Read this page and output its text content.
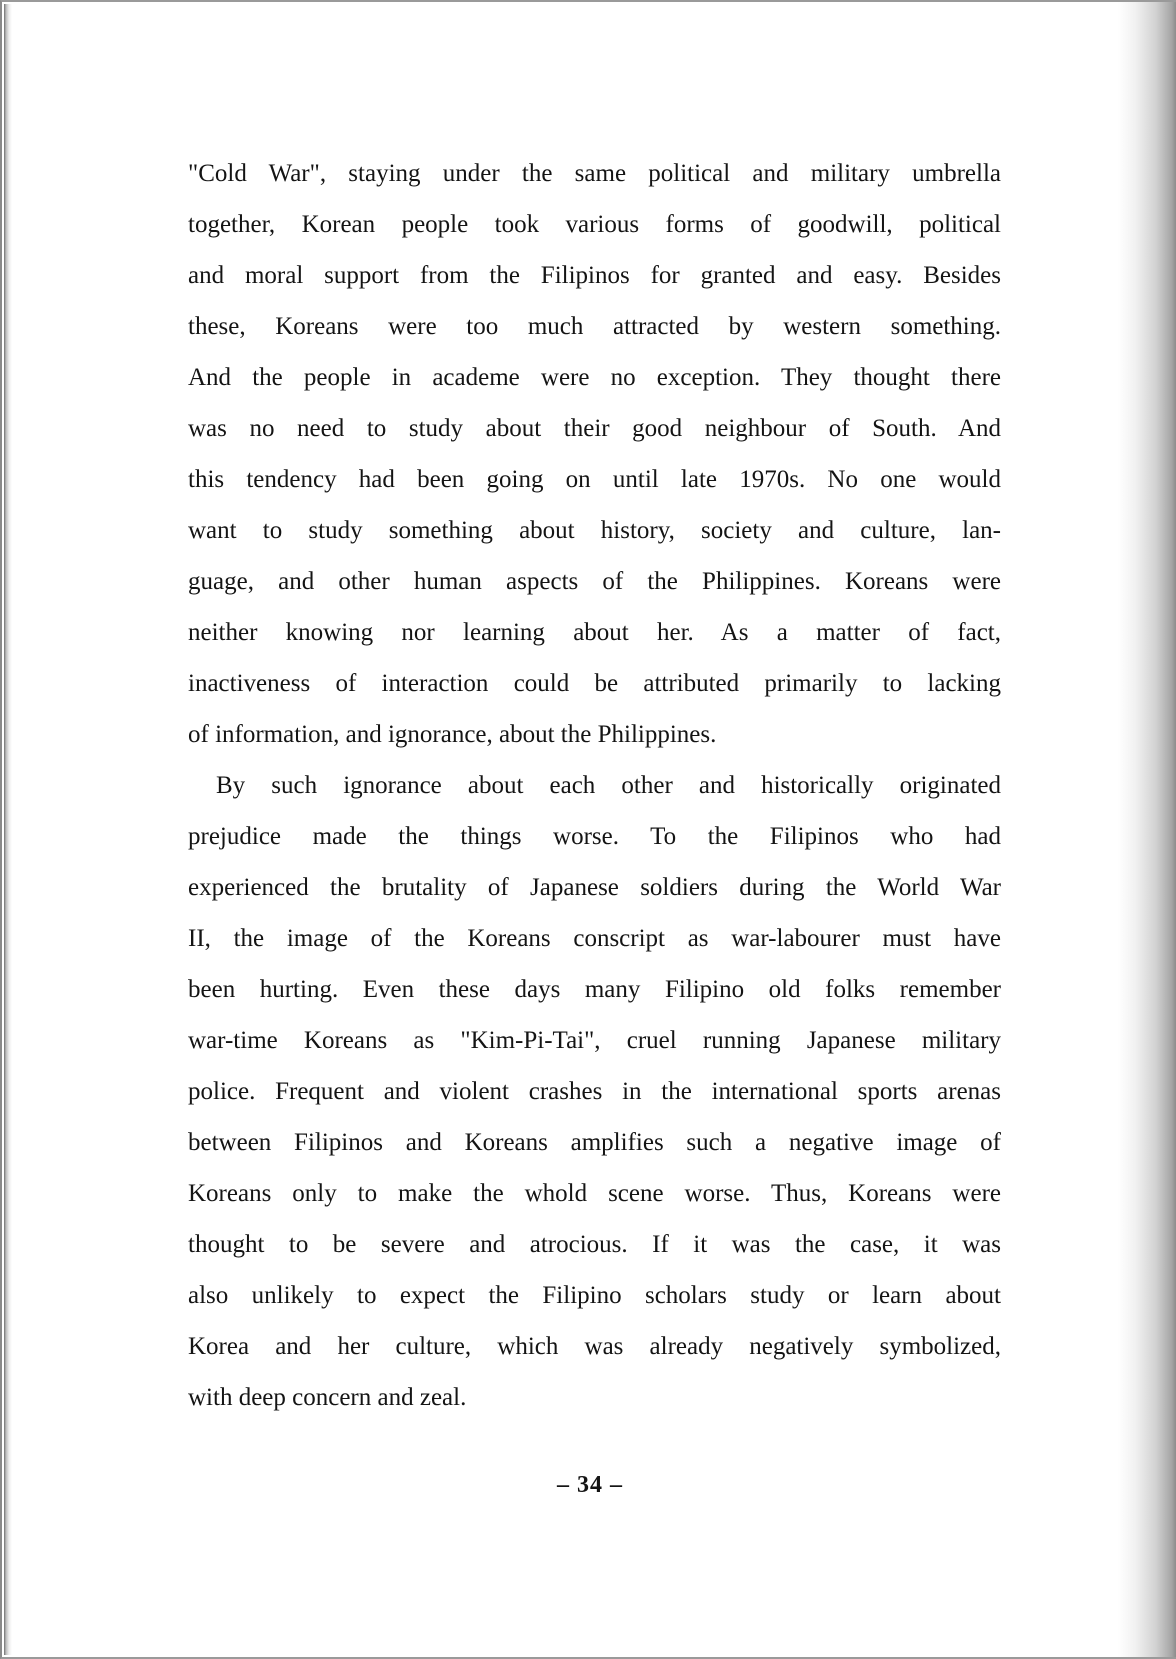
"Cold War", staying under the same political and military umbrella
together, Korean people took various forms of goodwill, political
and moral support from the Filipinos for granted and easy. Besides
these, Koreans were too much attracted by western something.
And the people in academe were no exception. They thought there
was no need to study about their good neighbour of South. And
this tendency had been going on until late 1970s. No one would
want to study something about history, society and culture, lan-
guage, and other human aspects of the Philippines. Koreans were
neither knowing nor learning about her. As a matter of fact,
inactiveness of interaction could be attributed primarily to lacking
of information, and ignorance, about the Philippines.
By such ignorance about each other and historically originated
prejudice made the things worse. To the Filipinos who had
experienced the brutality of Japanese soldiers during the World War
II, the image of the Koreans conscript as war-labourer must have
been hurting. Even these days many Filipino old folks remember
war-time Koreans as "Kim-Pi-Tai", cruel running Japanese military
police. Frequent and violent crashes in the international sports arenas
between Filipinos and Koreans amplifies such a negative image of
Koreans only to make the whold scene worse. Thus, Koreans were
thought to be severe and atrocious. If it was the case, it was
also unlikely to expect the Filipino scholars study or learn about
Korea and her culture, which was already negatively symbolized,
with deep concern and zeal.
– 34 –
